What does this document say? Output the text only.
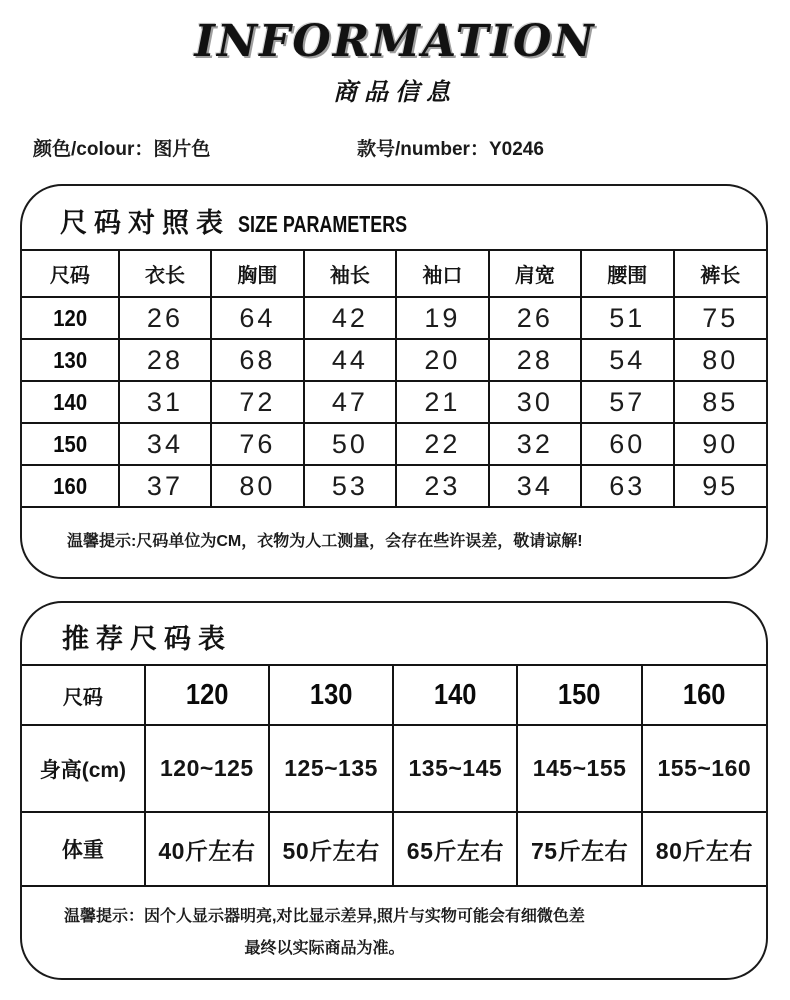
INFORMATION
商品信息
颜色/colour：图片色	款号/number：Y0246
尺码对照表 SIZE PARAMETERS
尺码	衣长	胸围	袖长	袖口	肩宽	腰围	裤长
120	26	64	42	19	26	51	75
130	28	68	44	20	28	54	80
140	31	72	47	21	30	57	85
150	34	76	50	22	32	60	90
160	37	80	53	23	34	63	95
温馨提示:尺码单位为CM，衣物为人工测量，会存在些许误差，敬请谅解!
推荐尺码表
尺码	120	130	140	150	160
身高(cm)	120~125	125~135	135~145	145~155	155~160
体重	40斤左右	50斤左右	65斤左右	75斤左右	80斤左右
温馨提示：因个人显示器明亮,对比显示差异,照片与实物可能会有细微色差
最终以实际商品为准。
